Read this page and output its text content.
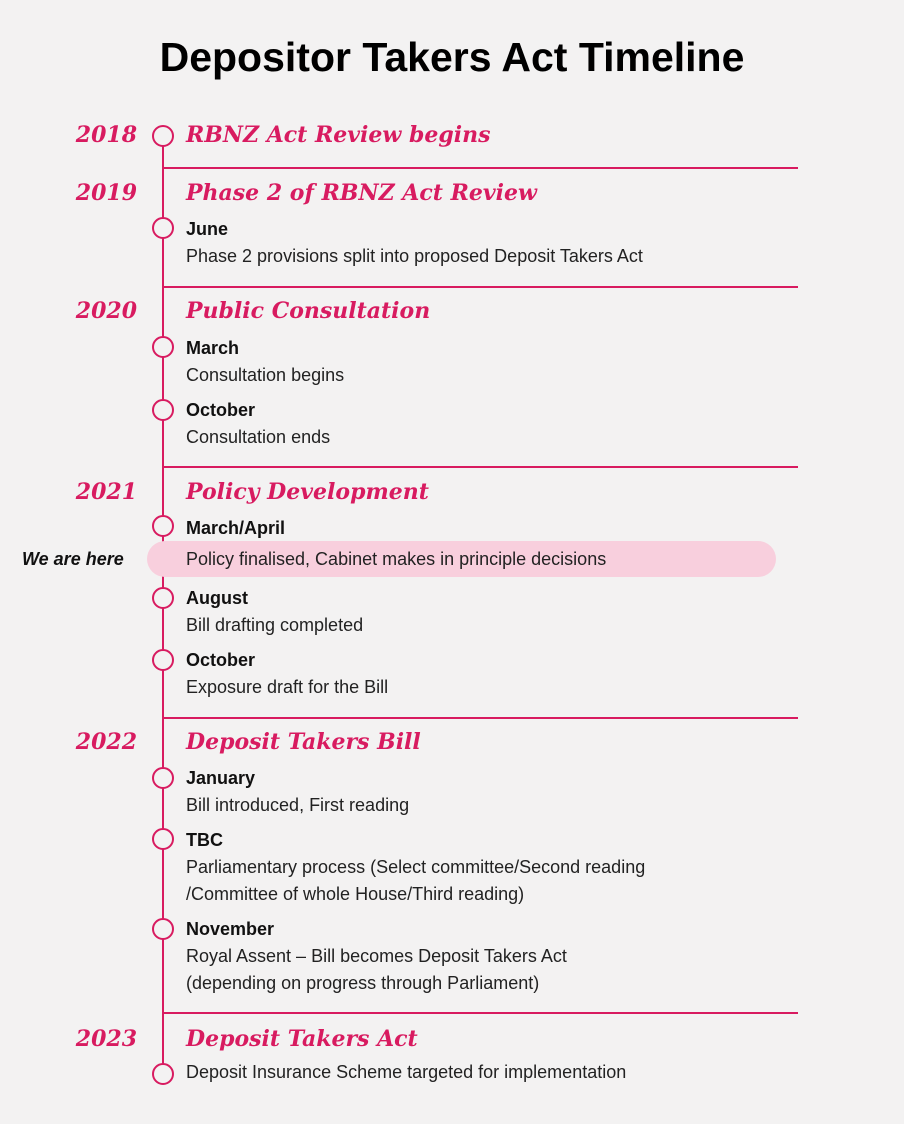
Depositor Takers Act Timeline
We are here
2018 RBNZ Act Review begins
2019 Phase 2 of RBNZ Act Review
June
Phase 2 provisions split into proposed Deposit Takers Act
2020 Public Consultation
March
Consultation begins
October
Consultation ends
2021 Policy Development
March/April
Policy finalised, Cabinet makes in principle decisions
August
Bill drafting completed
October
Exposure draft for the Bill
2022 Deposit Takers Bill
January
Bill introduced, First reading
TBC
Parliamentary process (Select committee/Second reading
/Committee of whole House/Third reading)
November
Royal Assent – Bill becomes Deposit Takers Act
(depending on progress through Parliament)
2023 Deposit Takers Act
Deposit Insurance Scheme targeted for implementation
